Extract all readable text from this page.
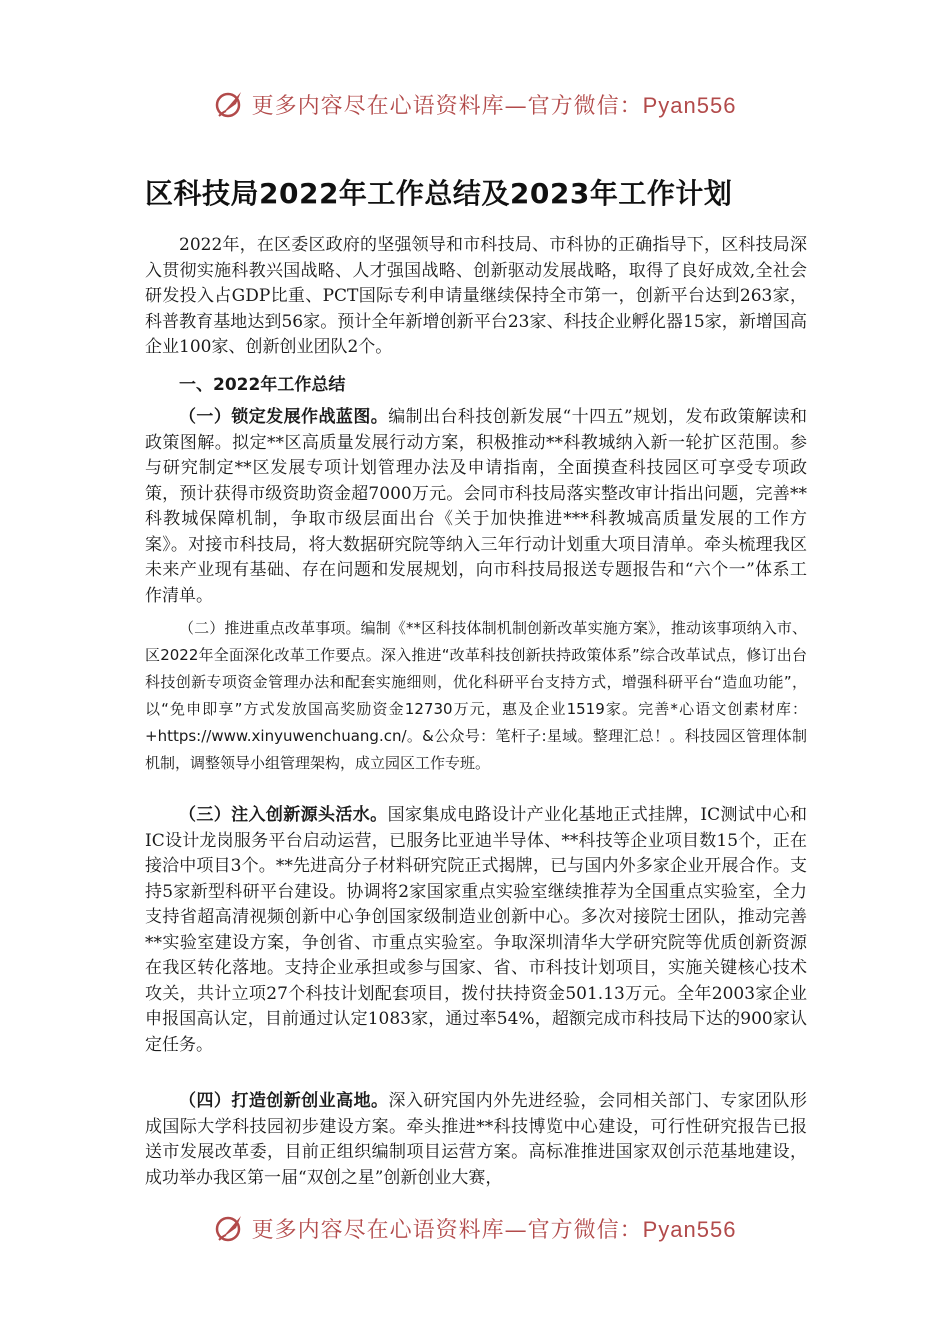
更多内容尽在心语资料库—官方微信：Pyan556
区科技局2022年工作总结及2023年工作计划

2022年，在区委区政府的坚强领导和市科技局、市科协的正确指导下，区科技局深入贯彻实施科教兴国战略、人才强国战略、创新驱动发展战略，取得了良好成效,全社会研发投入占GDP比重、PCT国际专利申请量继续保持全市第一，创新平台达到263家，科普教育基地达到56家。预计全年新增创新平台23家、科技企业孵化器15家，新增国高企业100家、创新创业团队2个。

一、2022年工作总结

（一）锁定发展作战蓝图。编制出台科技创新发展“十四五”规划，发布政策解读和政策图解。拟定**区高质量发展行动方案，积极推动**科教城纳入新一轮扩区范围。参与研究制定**区发展专项计划管理办法及申请指南，全面摸查科技园区可享受专项政策，预计获得市级资助资金超7000万元。会同市科技局落实整改审计指出问题，完善**科教城保障机制，争取市级层面出台《关于加快推进***科教城高质量发展的工作方案》。对接市科技局，将大数据研究院等纳入三年行动计划重大项目清单。牵头梳理我区未来产业现有基础、存在问题和发展规划，向市科技局报送专题报告和“六个一”体系工作清单。

（二）推进重点改革事项。编制《**区科技体制机制创新改革实施方案》，推动该事项纳入市、区2022年全面深化改革工作要点。深入推进“改革科技创新扶持政策体系”综合改革试点，修订出台科技创新专项资金管理办法和配套实施细则，优化科研平台支持方式，增强科研平台“造血功能”，以“免申即享”方式发放国高奖励资金12730万元，惠及企业1519家。完善*心语文创素材库：+https://www.xinyuwenchuang.cn/。&公众号：笔杆子:星域。整理汇总！。科技园区管理体制机制，调整领导小组管理架构，成立园区工作专班。

（三）注入创新源头活水。国家集成电路设计产业化基地正式挂牌，IC测试中心和IC设计龙岗服务平台启动运营，已服务比亚迪半导体、**科技等企业项目数15个，正在接洽中项目3个。**先进高分子材料研究院正式揭牌，已与国内外多家企业开展合作。支持5家新型科研平台建设。协调将2家国家重点实验室继续推荐为全国重点实验室，全力支持省超高清视频创新中心争创国家级制造业创新中心。多次对接院士团队，推动完善**实验室建设方案，争创省、市重点实验室。争取深圳清华大学研究院等优质创新资源在我区转化落地。支持企业承担或参与国家、省、市科技计划项目，实施关键核心技术攻关，共计立项27个科技计划配套项目，拨付扶持资金501.13万元。全年2003家企业申报国高认定，目前通过认定1083家，通过率54%，超额完成市科技局下达的900家认定任务。

（四）打造创新创业高地。深入研究国内外先进经验，会同相关部门、专家团队形成国际大学科技园初步建设方案。牵头推进**科技博览中心建设，可行性研究报告已报送市发展改革委，目前正组织编制项目运营方案。高标准推进国家双创示范基地建设，成功举办我区第一届“双创之星”创新创业大赛，

更多内容尽在心语资料库—官方微信：Pyan556
